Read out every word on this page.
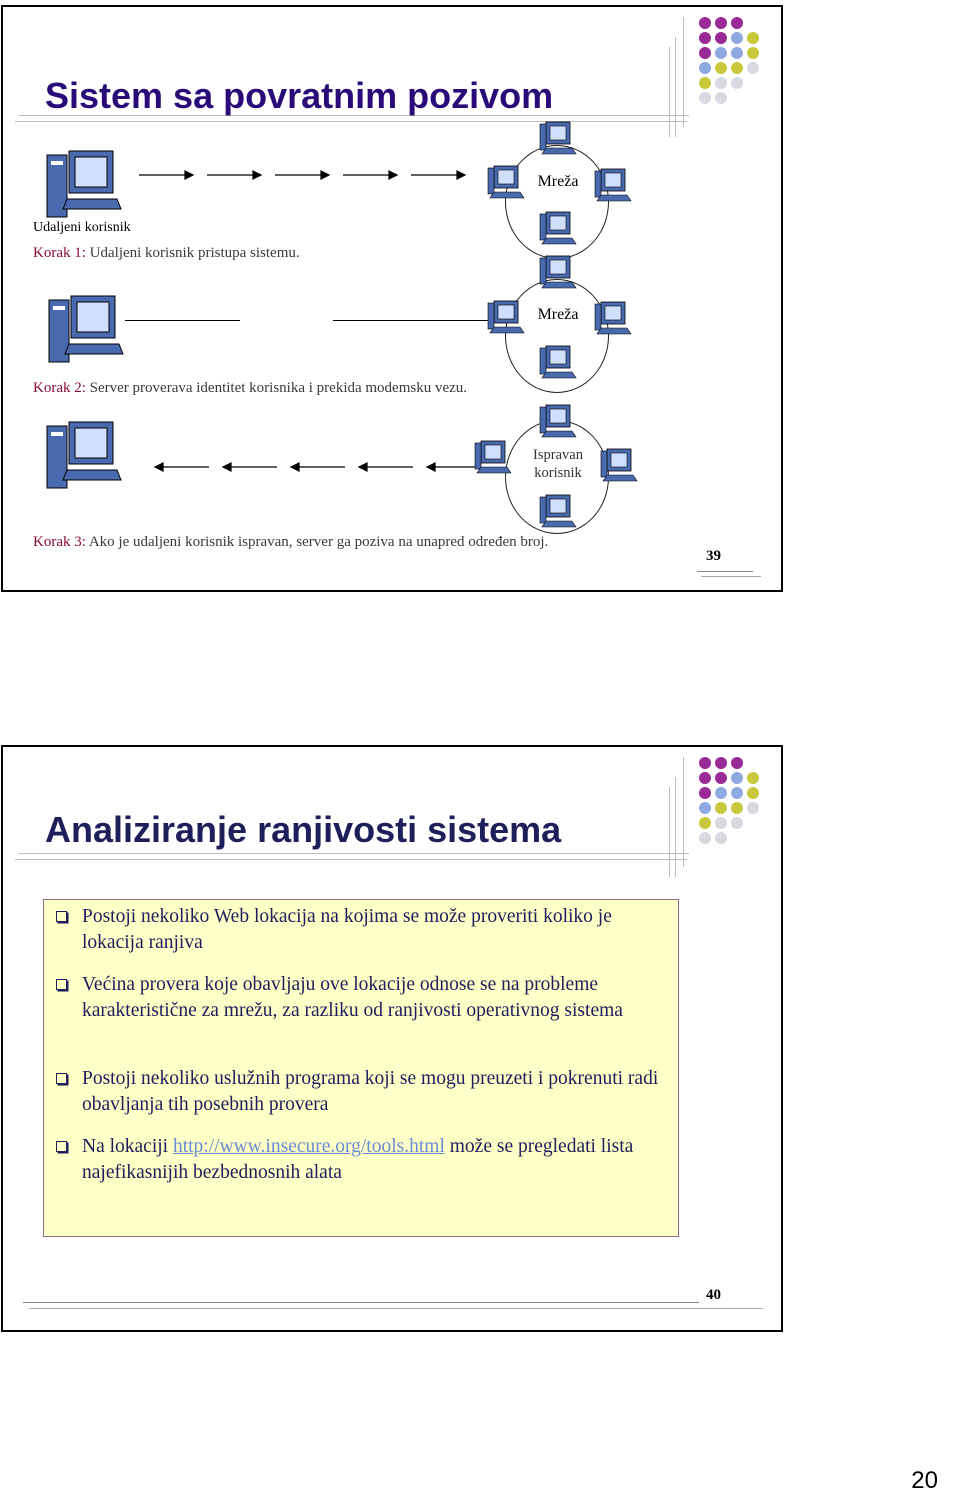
Sistem sa povratnim pozivom
Mreža
Udaljeni korisnik
Korak 1: Udaljeni korisnik pristupa sistemu.
Mreža
Korak 2: Server proverava identitet korisnika i prekida modemsku vezu.
Ispravan korisnik
Korak 3: Ako je udaljeni korisnik ispravan, server ga poziva na unapred određen broj.
39
Analiziranje ranjivosti sistema
Postoji nekoliko Web lokacija na kojima se može proveriti koliko je lokacija ranjiva
Većina provera koje obavljaju ove lokacije odnose se na probleme karakteristične za mrežu, za razliku od ranjivosti operativnog sistema
Postoji nekoliko uslužnih programa koji se mogu preuzeti i pokrenuti radi obavljanja tih posebnih provera
Na lokaciji http://www.insecure.org/tools.html može se pregledati lista najefikasnijih bezbednosnih alata
40
20
